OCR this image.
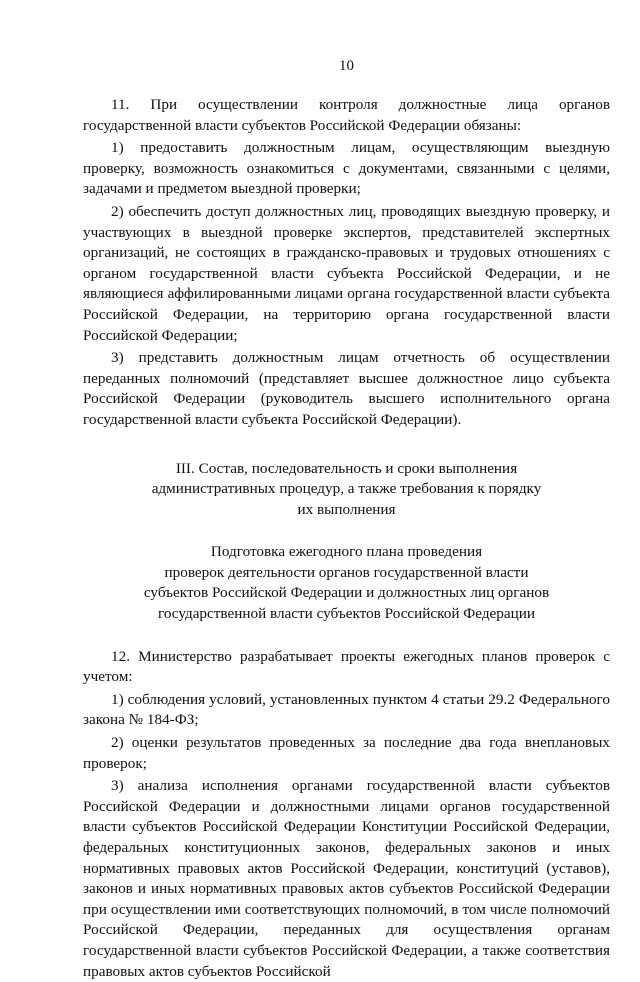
10

11. При осуществлении контроля должностные лица органов государственной власти субъектов Российской Федерации обязаны:

1) предоставить должностным лицам, осуществляющим выездную проверку, возможность ознакомиться с документами, связанными с целями, задачами и предметом выездной проверки;

2) обеспечить доступ должностных лиц, проводящих выездную проверку, и участвующих в выездной проверке экспертов, представителей экспертных организаций, не состоящих в гражданско-правовых и трудовых отношениях с органом государственной власти субъекта Российской Федерации, и не являющиеся аффилированными лицами органа государственной власти субъекта Российской Федерации, на территорию органа государственной власти Российской Федерации;

3) представить должностным лицам отчетность об осуществлении переданных полномочий (представляет высшее должностное лицо субъекта Российской Федерации (руководитель высшего исполнительного органа государственной власти субъекта Российской Федерации).

III. Состав, последовательность и сроки выполнения
административных процедур, а также требования к порядку
их выполнения
Подготовка ежегодного плана проведения
проверок деятельности органов государственной власти
субъектов Российской Федерации и должностных лиц органов
государственной власти субъектов Российской Федерации

12. Министерство разрабатывает проекты ежегодных планов проверок с учетом:

1) соблюдения условий, установленных пунктом 4 статьи 29.2 Федерального закона № 184-ФЗ;

2) оценки результатов проведенных за последние два года внеплановых проверок;

3) анализа исполнения органами государственной власти субъектов Российской Федерации и должностными лицами органов государственной власти субъектов Российской Федерации Конституции Российской Федерации, федеральных конституционных законов, федеральных законов и иных нормативных правовых актов Российской Федерации, конституций (уставов), законов и иных нормативных правовых актов субъектов Российской Федерации при осуществлении ими соответствующих полномочий, в том числе полномочий Российской Федерации, переданных для осуществления органам государственной власти субъектов Российской Федерации, а также соответствия правовых актов субъектов Российской
